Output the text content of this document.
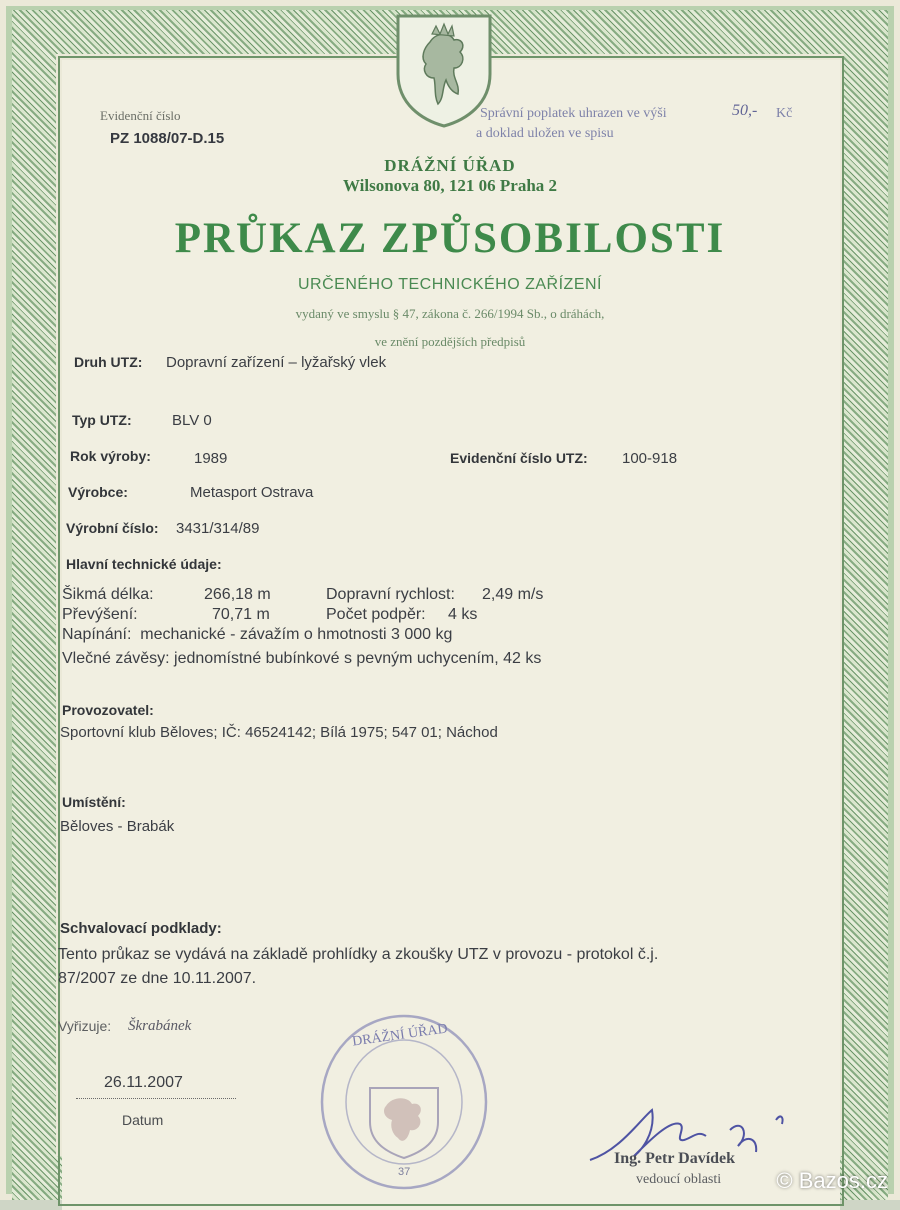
Evidenční číslo
PZ 1088/07-D.15
Správní poplatek uhrazen ve výši	50,- Kč
a doklad uložen ve spisu
DRÁŽNÍ ÚŘAD
Wilsonova 80, 121 06 Praha 2
PRŮKAZ ZPŮSOBILOSTI
URČENÉHO TECHNICKÉHO ZAŘÍZENÍ
vydaný ve smyslu § 47, zákona č. 266/1994 Sb., o dráhách,
ve znění pozdějších předpisů
Druh UTZ: Dopravní zařízení – lyžařský vlek
Typ UTZ:	BLV 0
Rok výroby:	1989	Evidenční číslo UTZ: 100-918
Výrobce:	Metasport Ostrava
Výrobní číslo: 3431/314/89
Hlavní technické údaje:
Šikmá délka:	266,18 m	Dopravní rychlost: 2,49 m/s
Převýšení:	70,71 m	Počet podpěr: 4 ks
Napínání:  mechanické - závažím o hmotnosti 3 000 kg
Vlečné závěsy: jednomístné bubínkové s pevným uchycením, 42 ks
Provozovatel:
Sportovní klub Běloves; IČ: 46524142; Bílá 1975; 547 01; Náchod
Umístění:
Běloves - Brabák
Schvalovací podklady:
Tento průkaz se vydává na základě prohlídky a zkoušky UTZ v provozu - protokol č.j.
87/2007 ze dne 10.11.2007.
Vyřizuje: Škrabánek
26.11.2007
Datum
DRÁŽNÍ ÚŘAD
37
Ing. Petr Davídek
vedoucí oblasti	© Bazos.cz
